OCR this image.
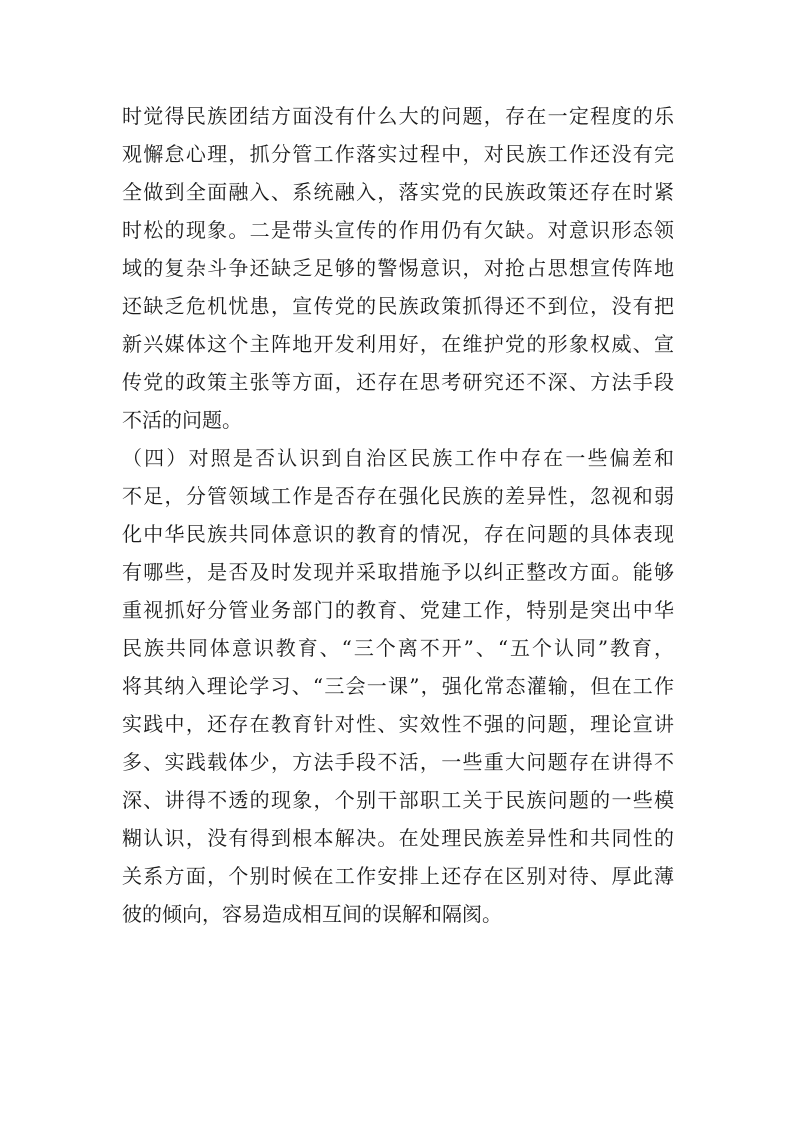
时觉得民族团结方面没有什么大的问题，存在一定程度的乐
观懈怠心理，抓分管工作落实过程中，对民族工作还没有完
全做到全面融入、系统融入，落实党的民族政策还存在时紧
时松的现象。二是带头宣传的作用仍有欠缺。对意识形态领
域的复杂斗争还缺乏足够的警惕意识，对抢占思想宣传阵地
还缺乏危机忧患，宣传党的民族政策抓得还不到位，没有把
新兴媒体这个主阵地开发利用好，在维护党的形象权威、宣
传党的政策主张等方面，还存在思考研究还不深、方法手段
不活的问题。
（四）对照是否认识到自治区民族工作中存在一些偏差和
不足，分管领域工作是否存在强化民族的差异性，忽视和弱
化中华民族共同体意识的教育的情况，存在问题的具体表现
有哪些，是否及时发现并采取措施予以纠正整改方面。能够
重视抓好分管业务部门的教育、党建工作，特别是突出中华
民族共同体意识教育、“三个离不开”、“五个认同”教育，
将其纳入理论学习、“三会一课”，强化常态灌输，但在工作
实践中，还存在教育针对性、实效性不强的问题，理论宣讲
多、实践载体少，方法手段不活，一些重大问题存在讲得不
深、讲得不透的现象，个别干部职工关于民族问题的一些模
糊认识，没有得到根本解决。在处理民族差异性和共同性的
关系方面，个别时候在工作安排上还存在区别对待、厚此薄
彼的倾向，容易造成相互间的误解和隔阂。
